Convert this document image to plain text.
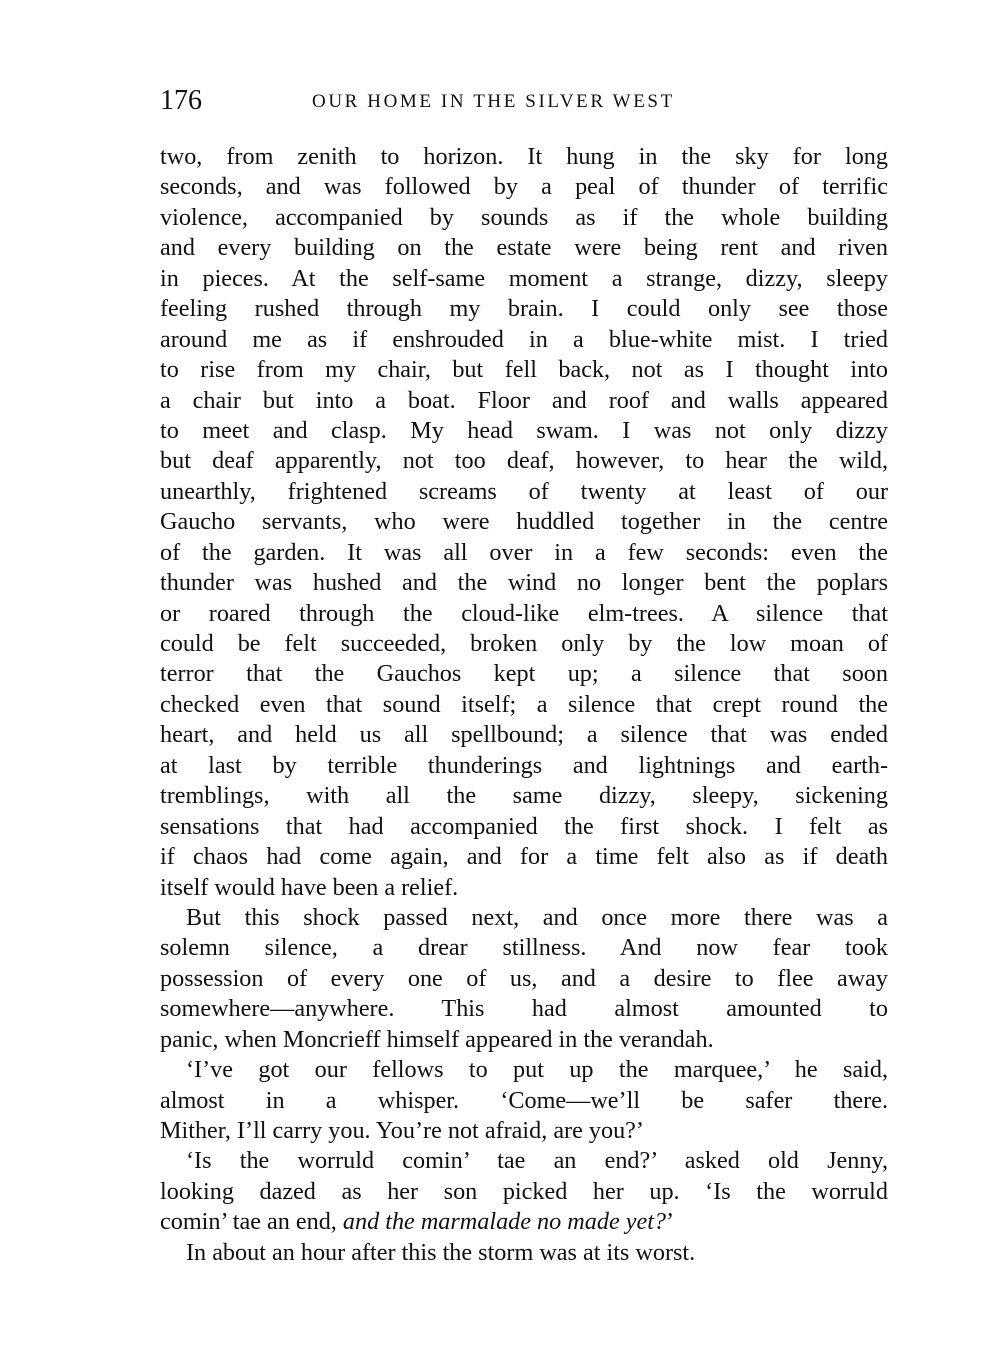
176	OUR HOME IN THE SILVER WEST
two, from zenith to horizon. It hung in the sky for long
seconds, and was followed by a peal of thunder of terrific
violence, accompanied by sounds as if the whole building
and every building on the estate were being rent and riven
in pieces. At the self-same moment a strange, dizzy, sleepy
feeling rushed through my brain. I could only see those
around me as if enshrouded in a blue-white mist. I tried
to rise from my chair, but fell back, not as I thought into
a chair but into a boat. Floor and roof and walls appeared
to meet and clasp. My head swam. I was not only dizzy
but deaf apparently, not too deaf, however, to hear the wild,
unearthly, frightened screams of twenty at least of our
Gaucho servants, who were huddled together in the centre
of the garden. It was all over in a few seconds: even the
thunder was hushed and the wind no longer bent the poplars
or roared through the cloud-like elm-trees. A silence that
could be felt succeeded, broken only by the low moan of
terror that the Gauchos kept up; a silence that soon
checked even that sound itself; a silence that crept round the
heart, and held us all spellbound; a silence that was ended
at last by terrible thunderings and lightnings and earth-
tremblings, with all the same dizzy, sleepy, sickening
sensations that had accompanied the first shock. I felt as
if chaos had come again, and for a time felt also as if death
itself would have been a relief.
But this shock passed next, and once more there was a
solemn silence, a drear stillness. And now fear took
possession of every one of us, and a desire to flee away
somewhere—anywhere. This had almost amounted to
panic, when Moncrieff himself appeared in the verandah.
‘I’ve got our fellows to put up the marquee,’ he said,
almost in a whisper. ‘Come—we’ll be safer there.
Mither, I’ll carry you. You’re not afraid, are you?’
‘Is the worruld comin’ tae an end?’ asked old Jenny,
looking dazed as her son picked her up. ‘Is the worruld
comin’ tae an end, and the marmalade no made yet?’
In about an hour after this the storm was at its worst.
